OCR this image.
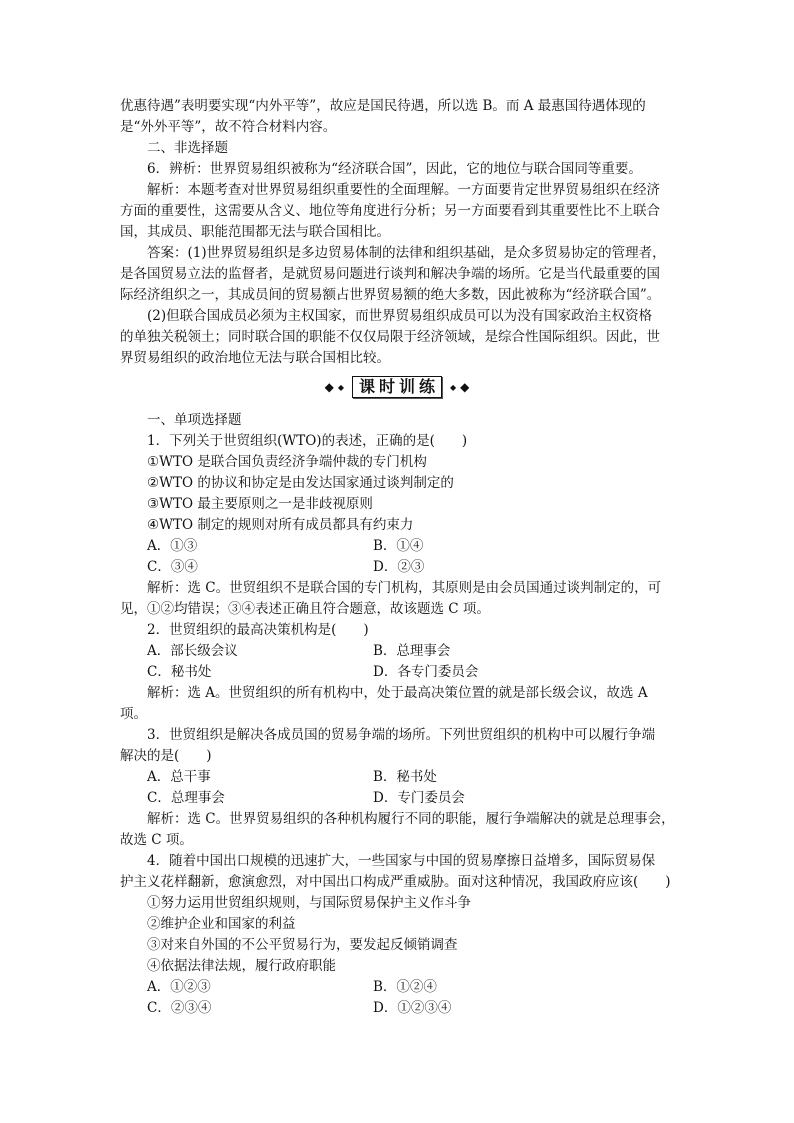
优惠待遇”表明要实现“内外平等”，故应是国民待遇，所以选 B。而 A 最惠国待遇体现的
是“外外平等”，故不符合材料内容。
二、非选择题
6．辨析：世界贸易组织被称为“经济联合国”，因此，它的地位与联合国同等重要。
解析：本题考查对世界贸易组织重要性的全面理解。一方面要肯定世界贸易组织在经济
方面的重要性，这需要从含义、地位等角度进行分析；另一方面要看到其重要性比不上联合
国，其成员、职能范围都无法与联合国相比。
答案：(1)世界贸易组织是多边贸易体制的法律和组织基础，是众多贸易协定的管理者，
是各国贸易立法的监督者，是就贸易问题进行谈判和解决争端的场所。它是当代最重要的国
际经济组织之一，其成员间的贸易额占世界贸易额的绝大多数，因此被称为“经济联合国”。
(2)但联合国成员必须为主权国家，而世界贸易组织成员可以为没有国家政治主权资格
的单独关税领土；同时联合国的职能不仅仅局限于经济领域，是综合性国际组织。因此，世
界贸易组织的政治地位无法与联合国相比较。
◆ ◆ 课时训练 ◆ ◆
一、单项选择题
1．下列关于世贸组织(WTO)的表述，正确的是(　　)
①WTO 是联合国负责经济争端仲裁的专门机构
②WTO 的协议和协定是由发达国家通过谈判制定的
③WTO 最主要原则之一是非歧视原则
④WTO 制定的规则对所有成员都具有约束力
A．①③	B．①④
C．③④	D．②③
解析：选 C。世贸组织不是联合国的专门机构，其原则是由会员国通过谈判制定的，可
见，①②均错误；③④表述正确且符合题意，故该题选 C 项。
2．世贸组织的最高决策机构是(　　)
A．部长级会议	B．总理事会
C．秘书处	D．各专门委员会
解析：选 A。世贸组织的所有机构中，处于最高决策位置的就是部长级会议，故选 A
项。
3．世贸组织是解决各成员国的贸易争端的场所。下列世贸组织的机构中可以履行争端
解决的是(　　)
A．总干事	B．秘书处
C．总理事会	D．专门委员会
解析：选 C。世界贸易组织的各种机构履行不同的职能，履行争端解决的就是总理事会，
故选 C 项。
4．随着中国出口规模的迅速扩大，一些国家与中国的贸易摩擦日益增多，国际贸易保
护主义花样翻新，愈演愈烈，对中国出口构成严重威胁。面对这种情况，我国政府应该(　　)
①努力运用世贸组织规则，与国际贸易保护主义作斗争
②维护企业和国家的利益
③对来自外国的不公平贸易行为，要发起反倾销调查
④依据法律法规，履行政府职能
A．①②③	B．①②④
C．②③④	D．①②③④
